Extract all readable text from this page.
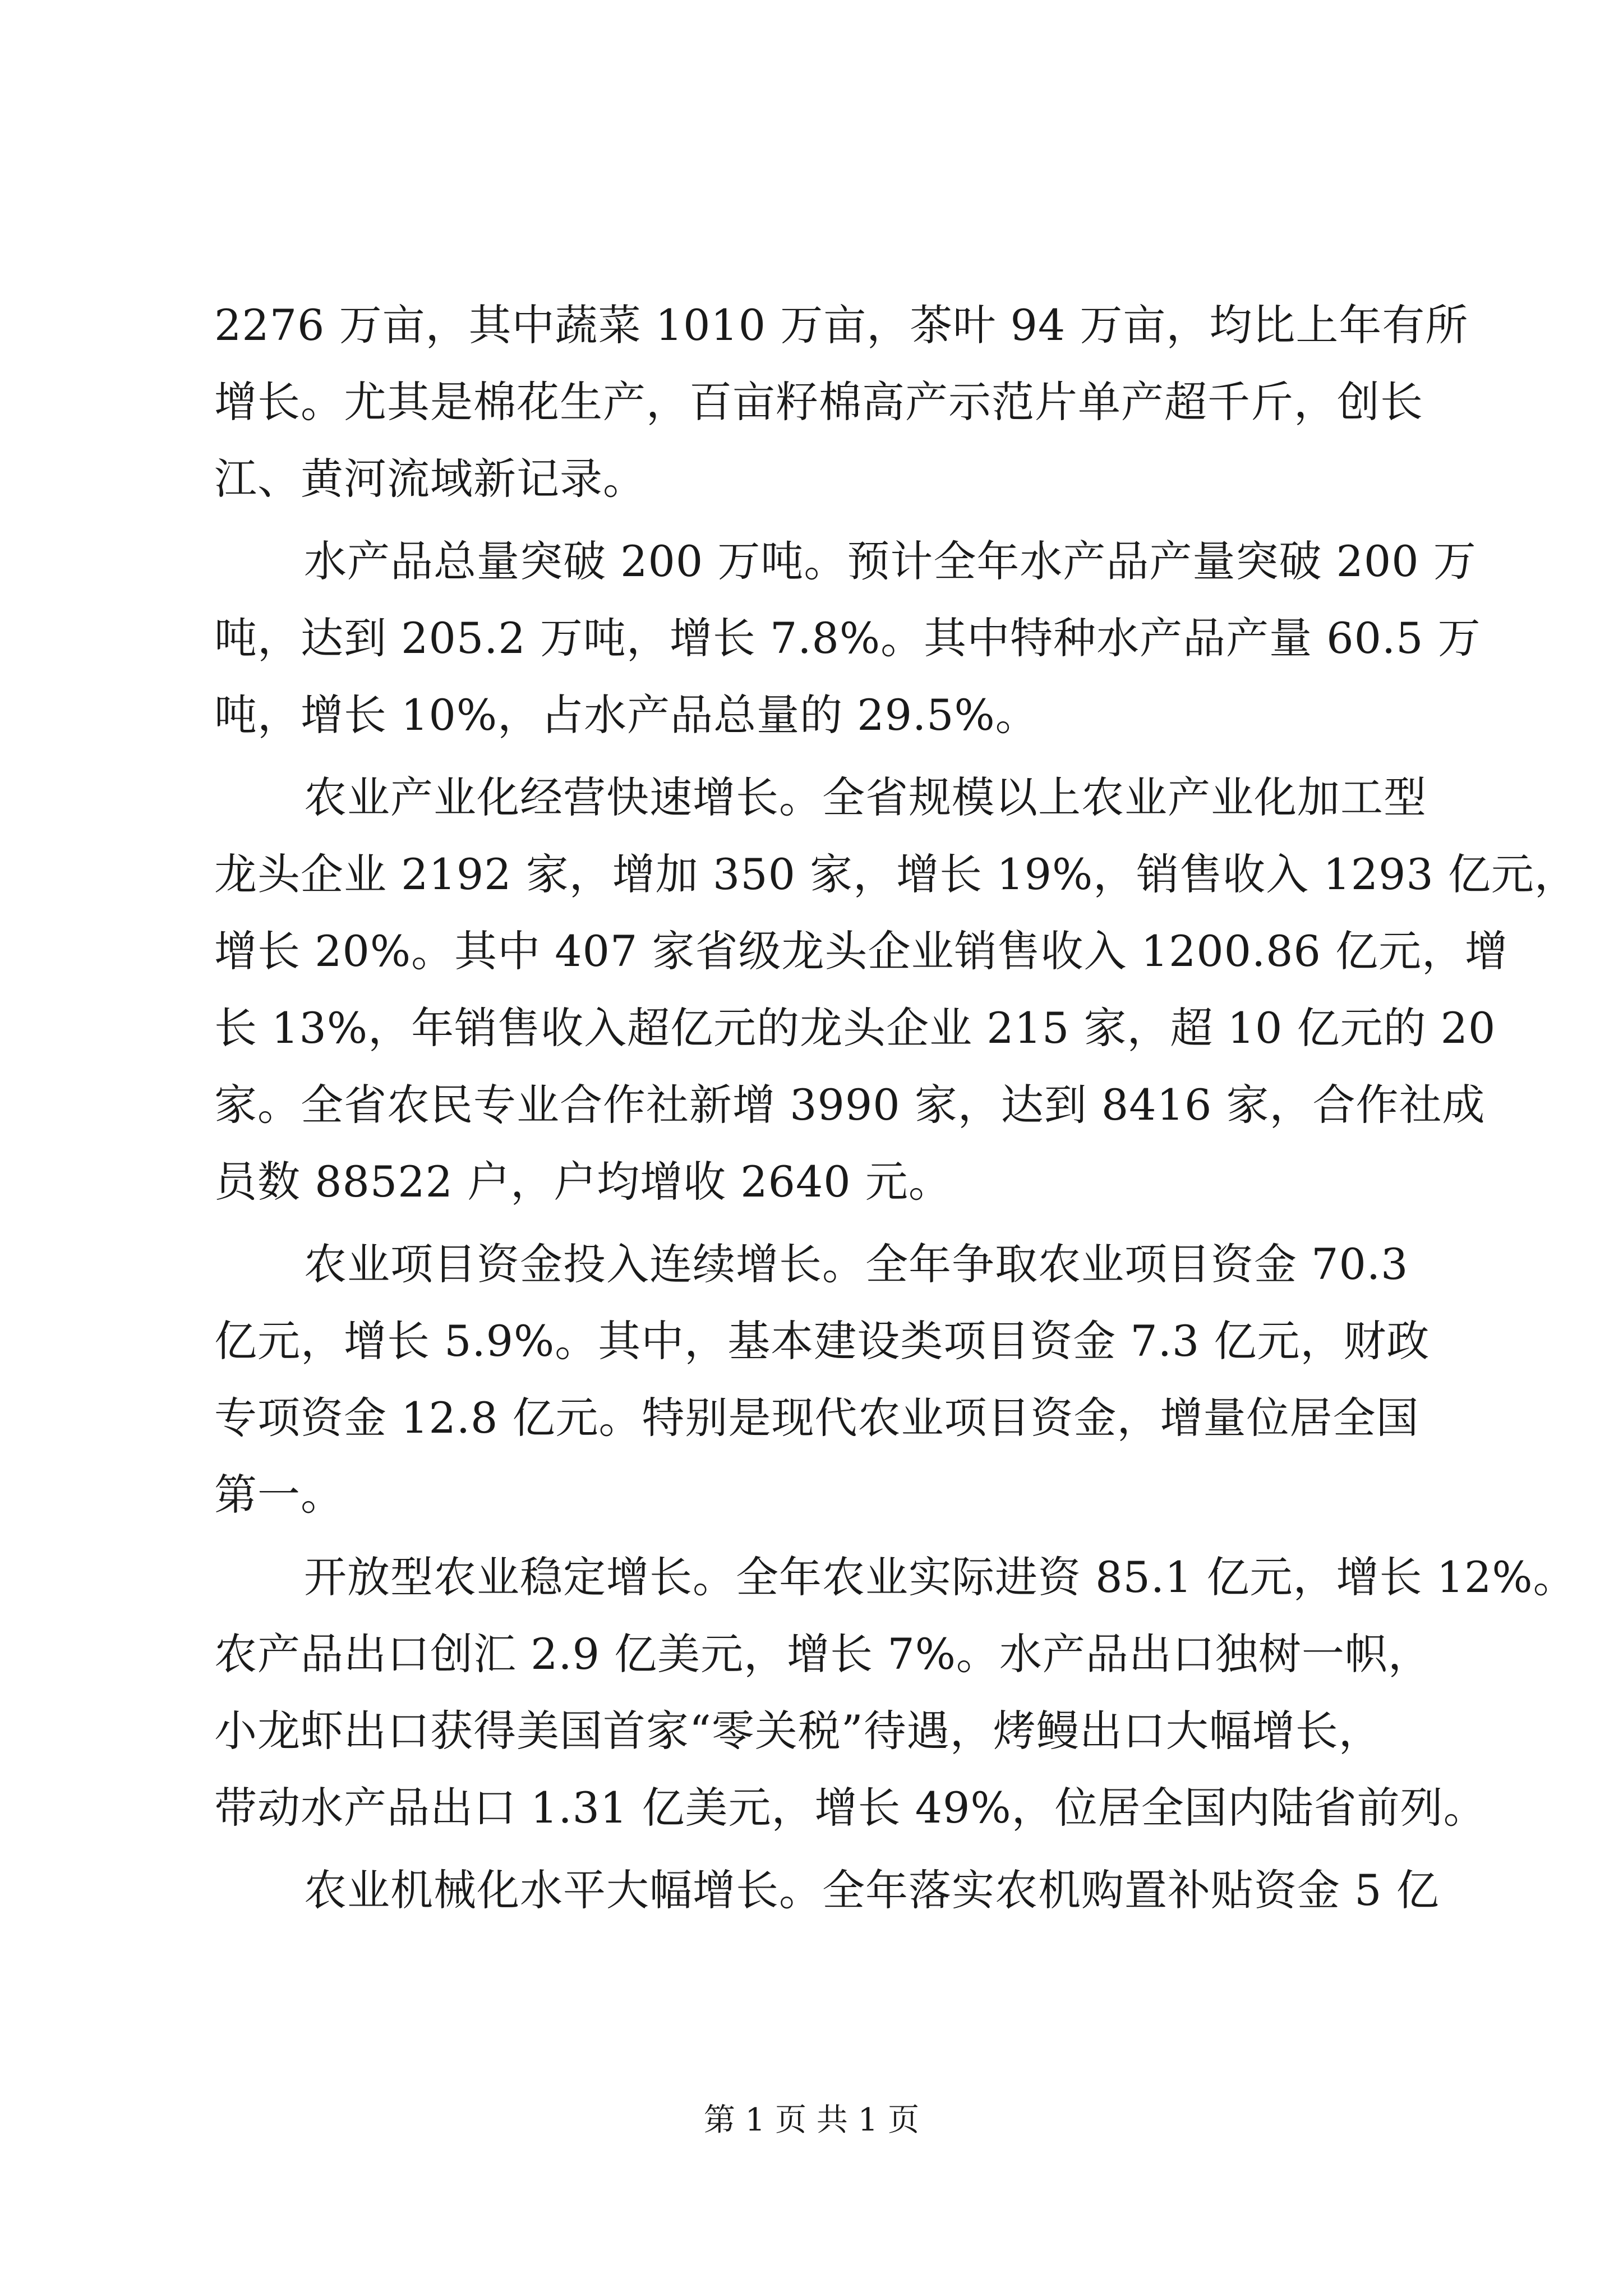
2276 万亩，其中蔬菜 1010 万亩，茶叶 94 万亩，均比上年有所
增长。尤其是棉花生产，百亩籽棉高产示范片单产超千斤，创长
江、黄河流域新记录。
水产品总量突破 200 万吨。预计全年水产品产量突破 200 万
吨，达到 205.2 万吨，增长 7.8%。其中特种水产品产量 60.5 万
吨，增长 10%，占水产品总量的 29.5%。
农业产业化经营快速增长。全省规模以上农业产业化加工型
龙头企业 2192 家，增加 350 家，增长 19%，销售收入 1293 亿元，
增长 20%。其中 407 家省级龙头企业销售收入 1200.86 亿元，增
长 13%，年销售收入超亿元的龙头企业 215 家，超 10 亿元的 20
家。全省农民专业合作社新增 3990 家，达到 8416 家，合作社成
员数 88522 户，户均增收 2640 元。
农业项目资金投入连续增长。全年争取农业项目资金 70.3
亿元，增长 5.9%。其中，基本建设类项目资金 7.3 亿元，财政
专项资金 12.8 亿元。特别是现代农业项目资金，增量位居全国
第一。
开放型农业稳定增长。全年农业实际进资 85.1 亿元，增长 12%。
农产品出口创汇 2.9 亿美元，增长 7%。水产品出口独树一帜，
小龙虾出口获得美国首家“零关税”待遇，烤鳗出口大幅增长，
带动水产品出口 1.31 亿美元，增长 49%，位居全国内陆省前列。
农业机械化水平大幅增长。全年落实农机购置补贴资金 5 亿
第 1 页 共 1 页
